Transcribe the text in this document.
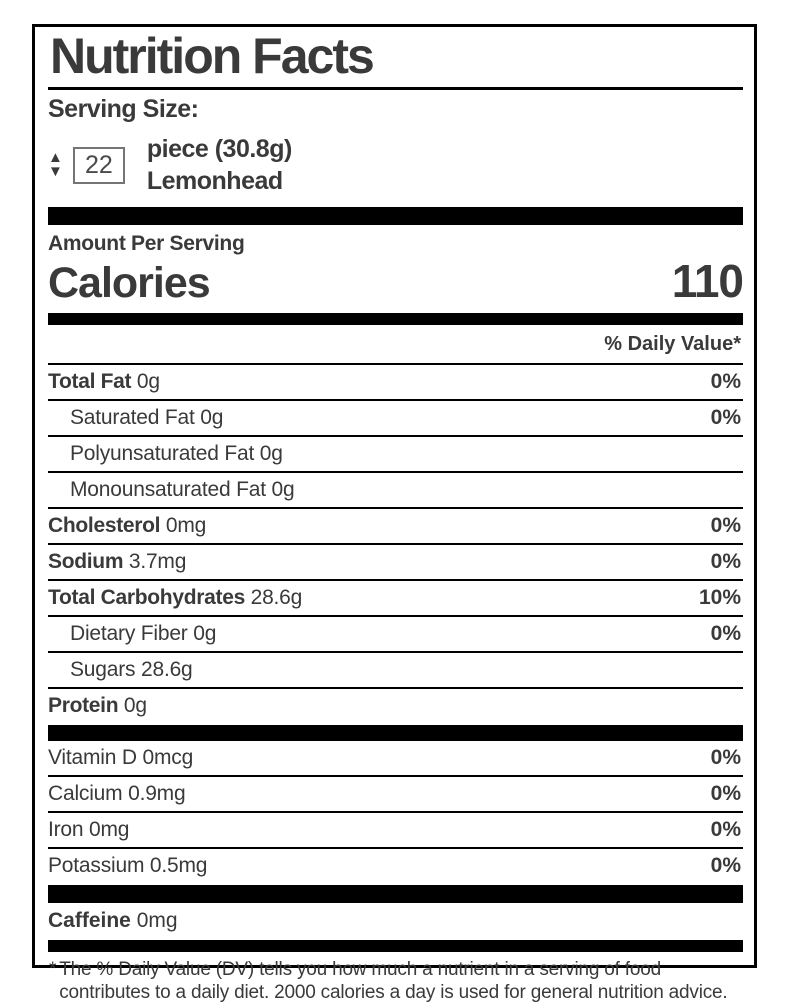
Nutrition Facts
Serving Size:
▲
▼
22
piece (30.8g)
Lemonhead
Amount Per Serving
Calories	110
% Daily Value*
Total Fat 0g	0%
Saturated Fat 0g	0%
Polyunsaturated Fat 0g
Monounsaturated Fat 0g
Cholesterol 0mg	0%
Sodium 3.7mg	0%
Total Carbohydrates 28.6g	10%
Dietary Fiber 0g	0%
Sugars 28.6g
Protein 0g
Vitamin D 0mcg	0%
Calcium 0.9mg	0%
Iron 0mg	0%
Potassium 0.5mg	0%
Caffeine 0mg
* The % Daily Value (DV) tells you how much a nutrient in a serving of food contributes to a daily diet. 2000 calories a day is used for general nutrition advice.
